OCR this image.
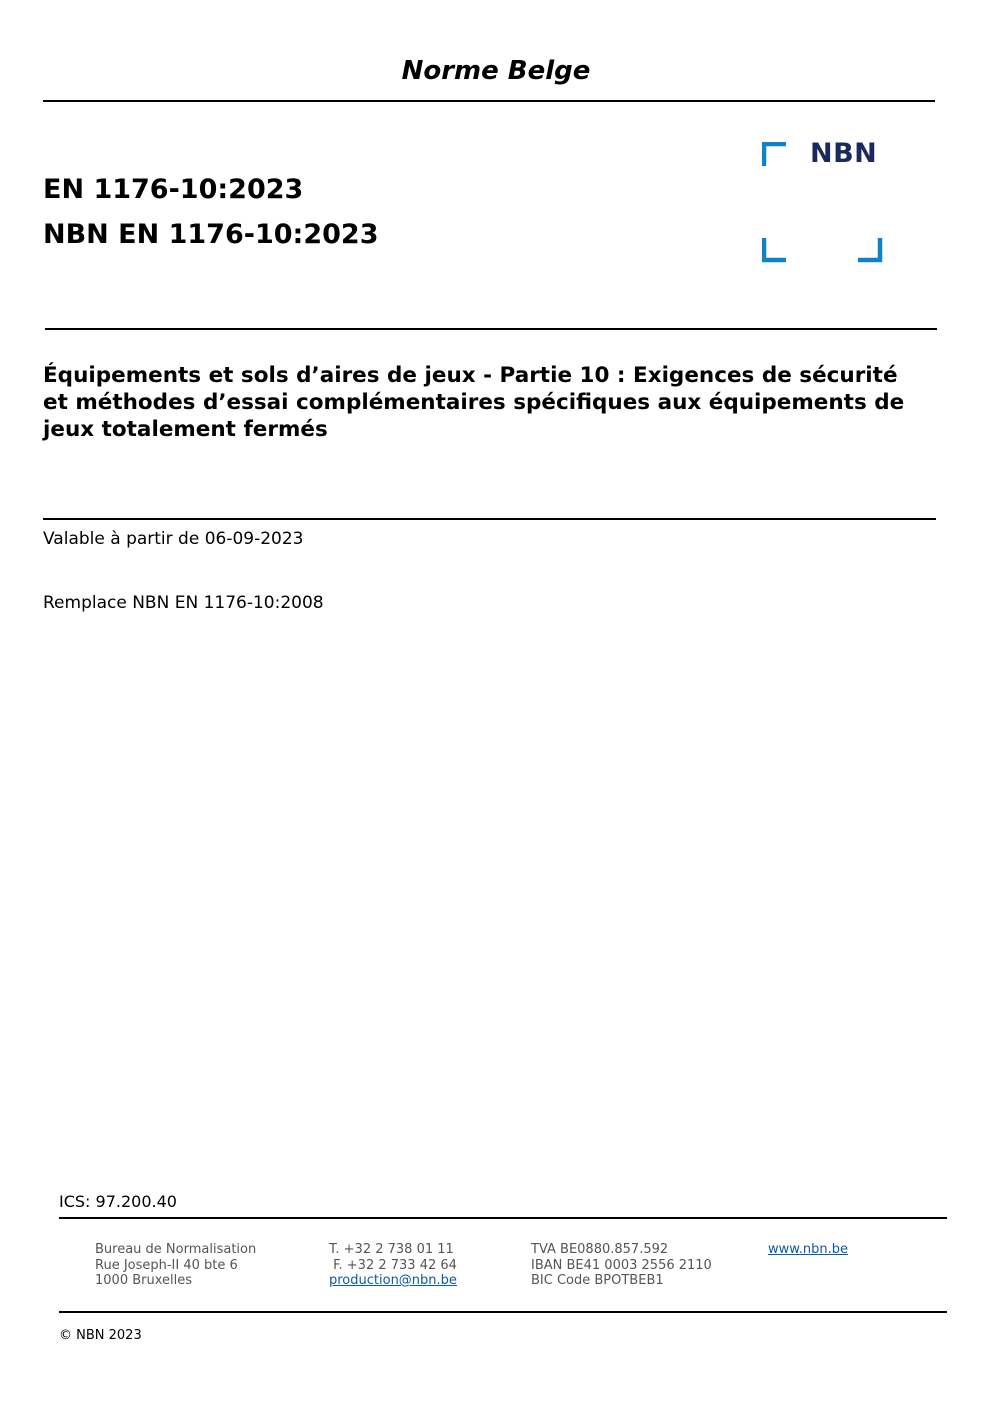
Norme Belge
EN 1176-10:2023
NBN EN 1176-10:2023
NBN
Équipements et sols d’aires de jeux - Partie 10 : Exigences de sécurité et méthodes d’essai complémentaires spécifiques aux équipements de jeux totalement fermés
Valable à partir de 06-09-2023
Remplace NBN EN 1176-10:2008
ICS: 97.200.40
Bureau de Normalisation
Rue Joseph-II 40 bte 6
1000 Bruxelles
T. +32 2 738 01 11
F. +32 2 733 42 64
production@nbn.be
TVA BE0880.857.592
IBAN BE41 0003 2556 2110
BIC Code BPOTBEB1
www.nbn.be
© NBN 2023
